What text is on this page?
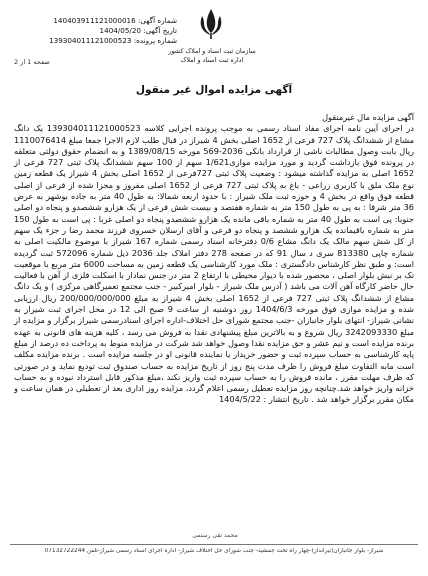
شماره آگهی: 140403911121000016
تاریخ آگهی: 1404/05/20
شماره پرونده: 139304011121000523
صفحه 1 از 2
سازمان ثبت اسناد و املاک کشور
اداره ثبت اسناد و املاک
آگهی مزایده اموال غیر منقول

آگهی مزایده مال غیرمنقول

در اجرای آیین نامه اجرای مفاد اسناد رسمی به موجب پرونده اجرایی کلاسه 139304011121000523 یک دانگ مشاع از ششدانگ پلاک 727 فرعی از 1652 اصلی بخش 4 شیراز در قبال طلب لازم الاجرا جمعا مبلغ 1110076414 ریال بابت وصول مطالبات ناشی از قرارداد بانکی 2036-569 مورخه 1389/08/15 و به انضمام حقوق دولتی متعلقه در پرونده فوق بازداشت گردید و مورد مزایده موازی1/621 سهم از 100 سهم ششدانگ پلاک ثبتی 727 فرعی از 1652 اصلی به مزایده گذاشته میشود : وضعیت پلاک ثبتی 727فرعی از 1652 اصلی بخش 4 شیراز یک قطعه زمین نوع ملک ملق با کاربری زراعی - باغ به پلاک ثبتی 727 فرعی از 1652 اصلی مفروز و مجزا شده از فرعی از اصلی قطعه فوق واقع در بخش 4 و حوزه ثبت ملک شیراز : با حدود اربعه شمالا: به طول 40 متر به جاده بوشهر به عرض 36 متر شرقا : به پی به طول 150 متر به شماره هفتصد و بیست شش فرعی از یک هزارو ششصدو و پنجاه دو اصلی جنوبا: پی است به طول 40 متر به شماره باقی مانده یک هزارو ششصدو پنجاه دو اصلی غربا : پی است به طول 150 متر به شماره باقیمانده یک هزارو ششصد و پنجاه دو فرعی و آقای ارسلان خسروی فرزند محمد رضا ر جزء یک سهم از کل شش سهم مالک یک دانگ مشاع 0/6 دفترخانه اسناد رسمی شماره 167 شیراز با موضوع مالکیت اصلی به شماره چاپی 813380 سری د سال 91 که در صفحه 278 دفتر املاک جلد 2036 ذیل شماره 572096 ثبت گردیده است: و طبق نظر کارشناس دادگستری : ملک مورد کارشناسی یک قطعه زمین به مساحت 6000 متر مربع با موقعیت تک بر نبش بلوار اصلی ، محصور شده با دیوار محیطی با ارتفاع 2 متر در جنس نمادار با اسکلت فلزی از آهن با فعالیت حال حاضر کارگاه آهن آلات می باشد ( آدرس ملک شیراز - بلوار امیرکبیر - جنب مجتمع تعمیرگاهی مرکزی ) و یک دانگ مشاع از ششدانگ پلاک ثبتی 727 فرعی از 1652 اصلی بخش 4 شیراز به مبلغ 200/000/000/000 ریال ارزیابی شده و مزایده موازی فوق مورخه 1404/6/3 روز دوشنبه از ساعت 9 صبح الی 12 در محل اجرای ثبت شیراز به نشانی شیراز- انتهای بلوار جانبازان -جنب مجتمع شورای حل اختلاف-اداره اجرای اسنادرسمی شیراز برگزار و مزایده از مبلغ 3242093330 ریال شروع و به بالاترین مبلغ پیشنهادی نقدا به فروش می رسد ، کلیه هزینه های قانونی به عهده برنده مزایده است و نیم عشر و حق مزایده نقدا وصول خواهد شد شرکت در مزایده منوط به پرداخت ده درصد از مبلغ پایه کارشناسی به حساب سپرده ثبت و حضور خریدار یا نماینده قانونی او در جلسه مزایده است . برنده مزایده مکلف است مابه التفاوت مبلغ فروش را ظرف مدت پنج روز از تاریخ مزایده به حساب صندوق ثبت تودیع نماید و در صورتی که ظرف مهلت مقرر ، مانده فروش را به حساب سپرده ثبت واریز نکند ،مبلغ مذکور قابل استرداد نبوده و به حساب خزانه واریز خواهد شد.چنانچه روز مزایده تعطیل رسمی اعلام گردد، مزایده روز اداری بعد از تعطیلی در همان ساعت و مکان مقرر برگزار خواهد شد . تاریخ انتشار : 1404/5/22

محمد تقی رستمی
شیراز- بلوار جانبازان(تیرانداز)-چهار راه تخت جمشید- جنب شورای حل اختلاف شیراز- اداره اجرای اسناد رسمی شیراز-تلفن 07132722244
